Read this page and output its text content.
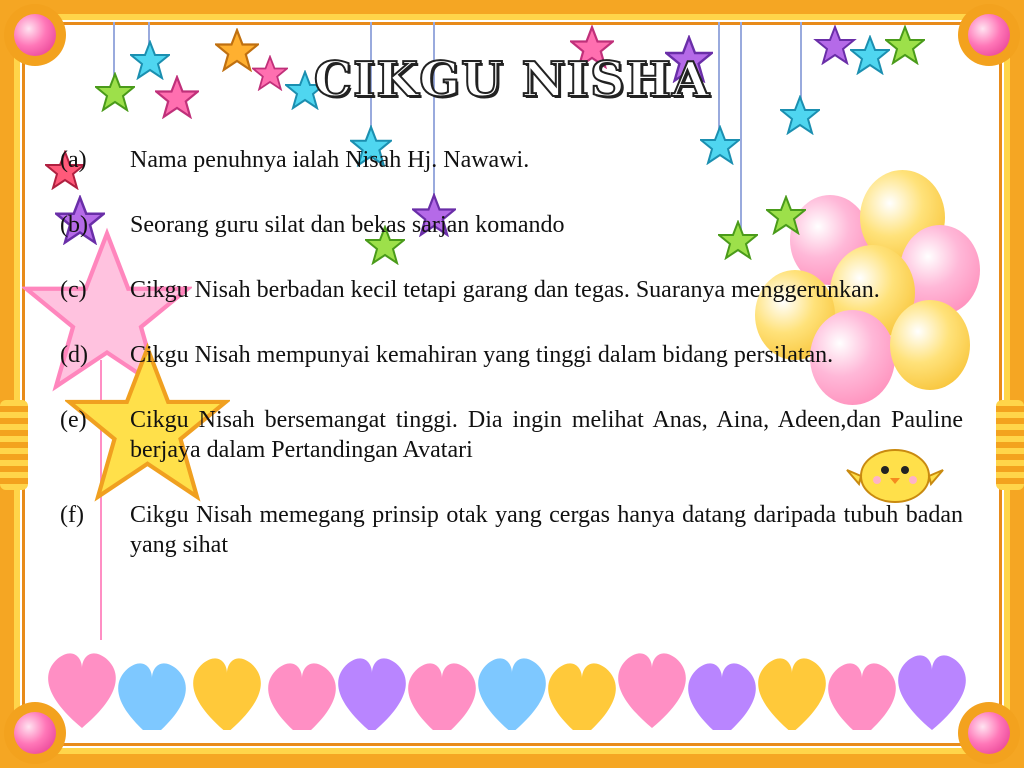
CIKGU NISHA
(a)	Nama penuhnya ialah Nisah Hj. Nawawi.
(b)	Seorang guru silat dan bekas sarjan komando
(c)	Cikgu Nisah berbadan kecil tetapi garang dan tegas. Suaranya menggerunkan.
(d)	Cikgu Nisah mempunyai kemahiran yang tinggi dalam bidang persilatan.
(e)	Cikgu Nisah bersemangat tinggi. Dia ingin melihat Anas, Aina, Adeen,dan Pauline berjaya dalam Pertandingan Avatari
(f)	Cikgu Nisah memegang prinsip otak yang cergas hanya datang daripada tubuh badan yang sihat
